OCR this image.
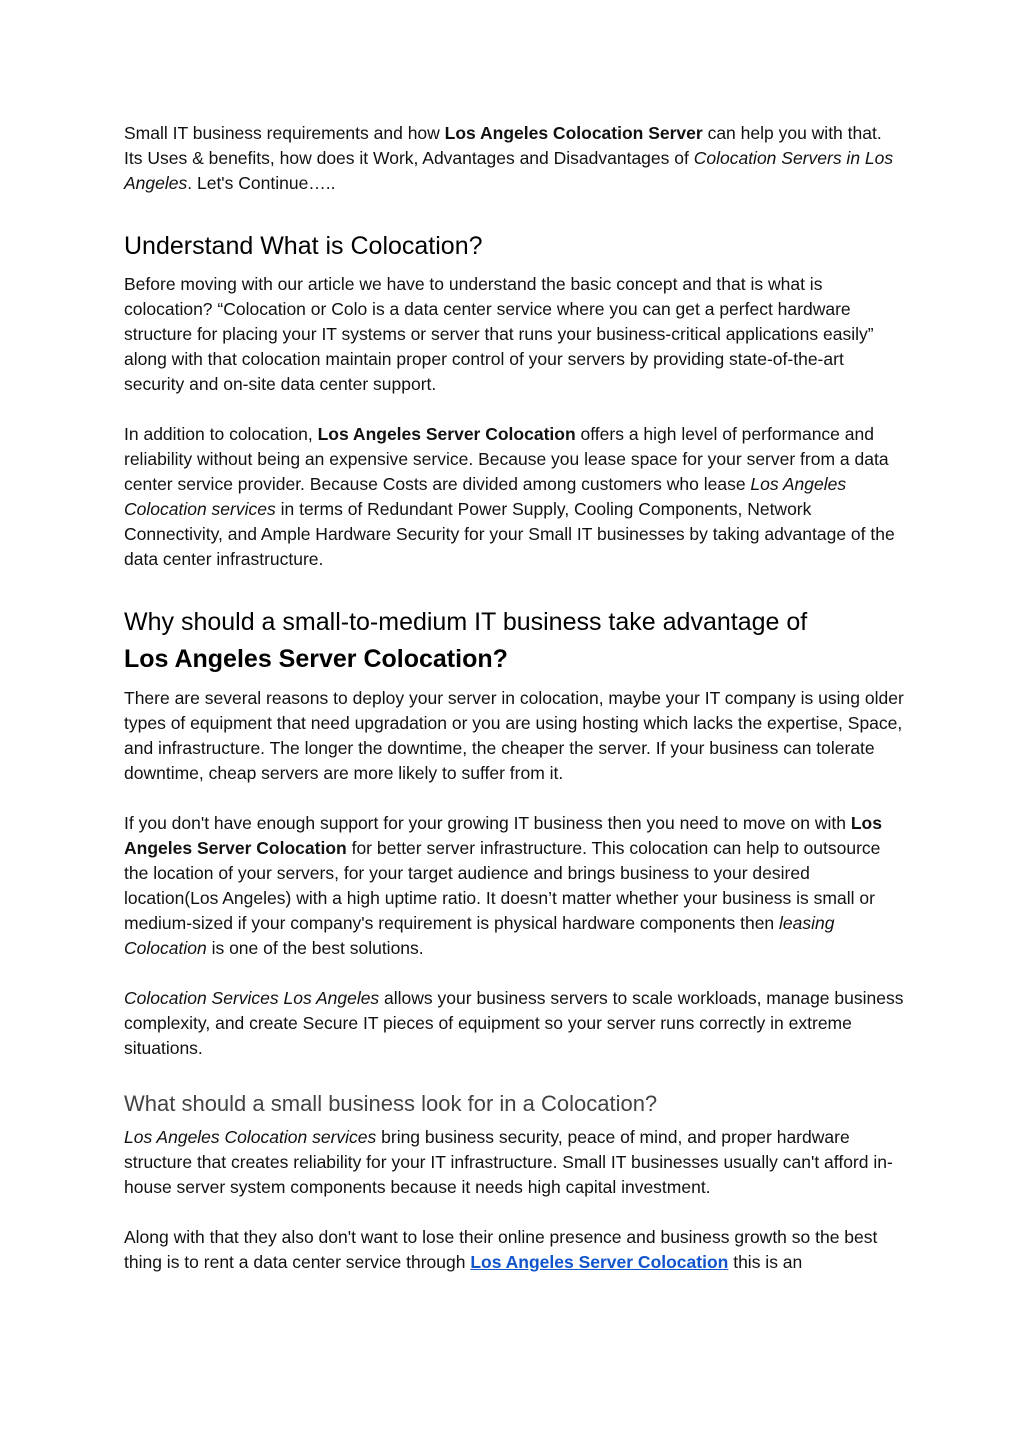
Small IT business requirements and how Los Angeles Colocation Server can help you with that. Its Uses & benefits, how does it Work, Advantages and Disadvantages of Colocation Servers in Los Angeles. Let's Continue…..

Understand What is Colocation?

Before moving with our article we have to understand the basic concept and that is what is colocation? “Colocation or Colo is a data center service where you can get a perfect hardware structure for placing your IT systems or server that runs your business-critical applications easily” along with that colocation maintain proper control of your servers by providing state-of-the-art security and on-site data center support.

In addition to colocation, Los Angeles Server Colocation offers a high level of performance and reliability without being an expensive service. Because you lease space for your server from a data center service provider. Because Costs are divided among customers who lease Los Angeles Colocation services in terms of Redundant Power Supply, Cooling Components, Network Connectivity, and Ample Hardware Security for your Small IT businesses by taking advantage of the data center infrastructure.

Why should a small-to-medium IT business take advantage of
Los Angeles Server Colocation?

There are several reasons to deploy your server in colocation, maybe your IT company is using older types of equipment that need upgradation or you are using hosting which lacks the expertise, Space, and infrastructure. The longer the downtime, the cheaper the server. If your business can tolerate downtime, cheap servers are more likely to suffer from it.

If you don't have enough support for your growing IT business then you need to move on with Los Angeles Server Colocation for better server infrastructure. This colocation can help to outsource the location of your servers, for your target audience and brings business to your desired location(Los Angeles) with a high uptime ratio. It doesn’t matter whether your business is small or medium-sized if your company's requirement is physical hardware components then leasing Colocation is one of the best solutions.

Colocation Services Los Angeles allows your business servers to scale workloads, manage business complexity, and create Secure IT pieces of equipment so your server runs correctly in extreme situations.

What should a small business look for in a Colocation?

Los Angeles Colocation services bring business security, peace of mind, and proper hardware structure that creates reliability for your IT infrastructure. Small IT businesses usually can't afford in-house server system components because it needs high capital investment.

Along with that they also don't want to lose their online presence and business growth so the best thing is to rent a data center service through Los Angeles Server Colocation this is an
